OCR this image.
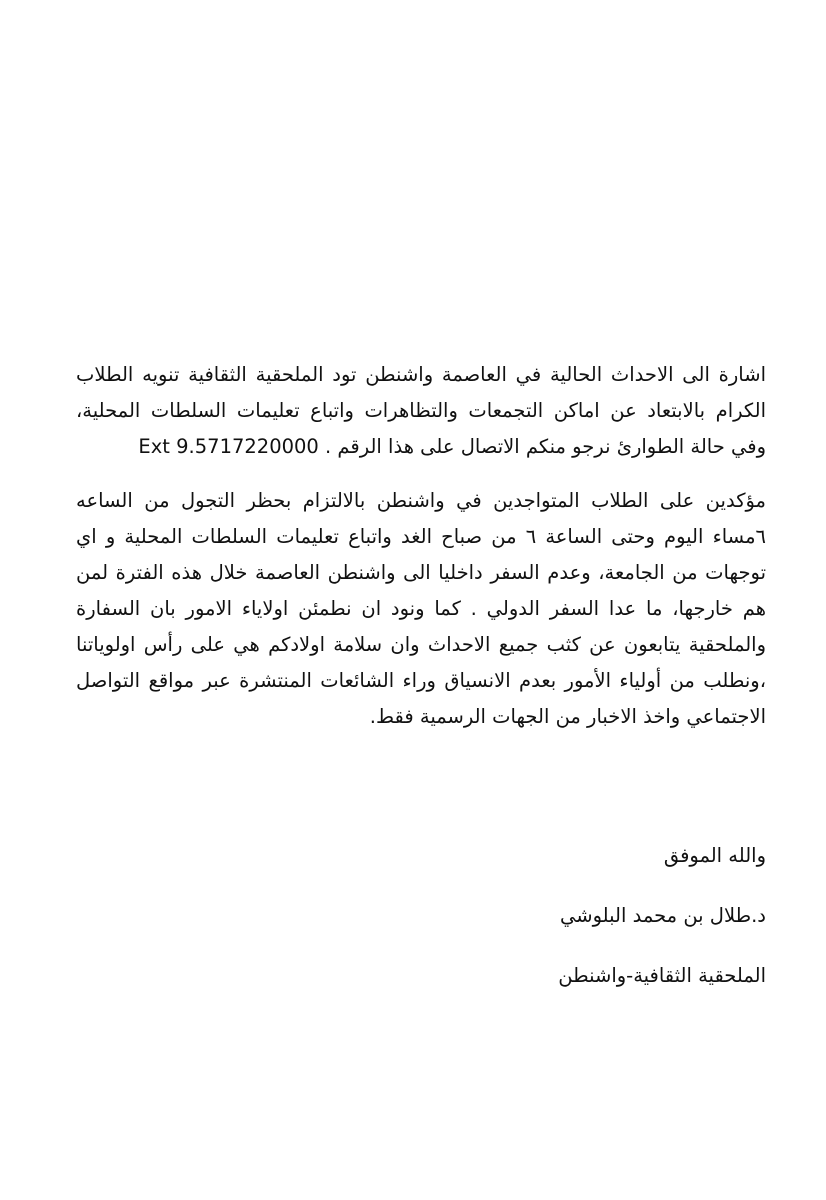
اشارة الى الاحداث الحالية في العاصمة واشنطن تود الملحقية الثقافية تنويه الطلاب الكرام بالابتعاد عن اماكن التجمعات والتظاهرات واتباع تعليمات السلطات المحلية، وفي حالة الطوارئ نرجو منكم الاتصال على هذا الرقم . 5717220000.Ext 9

مؤكدين على الطلاب المتواجدين في واشنطن بالالتزام بحظر التجول من الساعه ٦مساء اليوم وحتى الساعة ٦ من صباح الغد واتباع تعليمات السلطات المحلية و اي توجهات من الجامعة، وعدم السفر داخليا الى واشنطن العاصمة خلال هذه الفترة لمن هم خارجها، ما عدا السفر الدولي . كما ونود ان نطمئن اولاياء الامور بان السفارة والملحقية يتابعون عن كثب جميع الاحداث وان سلامة اولادكم هي على رأس اولوياتنا ،ونطلب من أولياء الأمور بعدم الانسياق وراء الشائعات المنتشرة عبر مواقع التواصل الاجتماعي واخذ الاخبار من الجهات الرسمية فقط.

والله الموفق
د.طلال بن محمد البلوشي
الملحقية الثقافية-واشنطن
